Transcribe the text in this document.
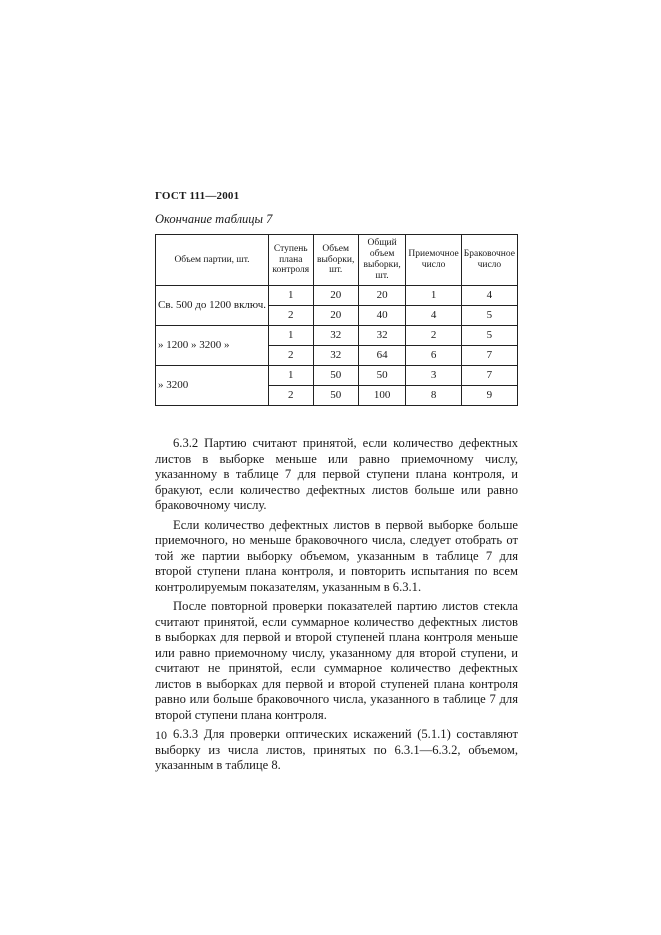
ГОСТ 111—2001
Окончание таблицы 7
Объем партии, шт.	Ступень плана контроля	Объем выборки, шт.	Общий объем выборки, шт.	Приемочное число	Браковочное число
Св. 500 до 1200 включ.	1	20	20	1	4
	2	20	40	4	5
» 1200 » 3200 »	1	32	32	2	5
	2	32	64	6	7
» 3200	1	50	50	3	7
	2	50	100	8	9

6.3.2 Партию считают принятой, если количество дефектных листов в выборке меньше или равно приемочному числу, указанному в таблице 7 для первой ступени плана контроля, и бракуют, если количество дефектных листов больше или равно браковочному числу.

Если количество дефектных листов в первой выборке больше приемочного, но меньше браковочного числа, следует отобрать от той же партии выборку объемом, указанным в таблице 7 для второй ступени плана контроля, и повторить испытания по всем контролируемым показателям, указанным в 6.3.1.

После повторной проверки показателей партию листов стекла считают принятой, если суммарное количество дефектных листов в выборках для первой и второй ступеней плана контроля меньше или равно приемочному числу, указанному для второй ступени, и считают не принятой, если суммарное количество дефектных листов в выборках для первой и второй ступеней плана контроля равно или больше браковочного числа, указанного в таблице 7 для второй ступени плана контроля.

6.3.3 Для проверки оптических искажений (5.1.1) составляют выборку из числа листов, принятых по 6.3.1—6.3.2, объемом, указанным в таблице 8.

10
